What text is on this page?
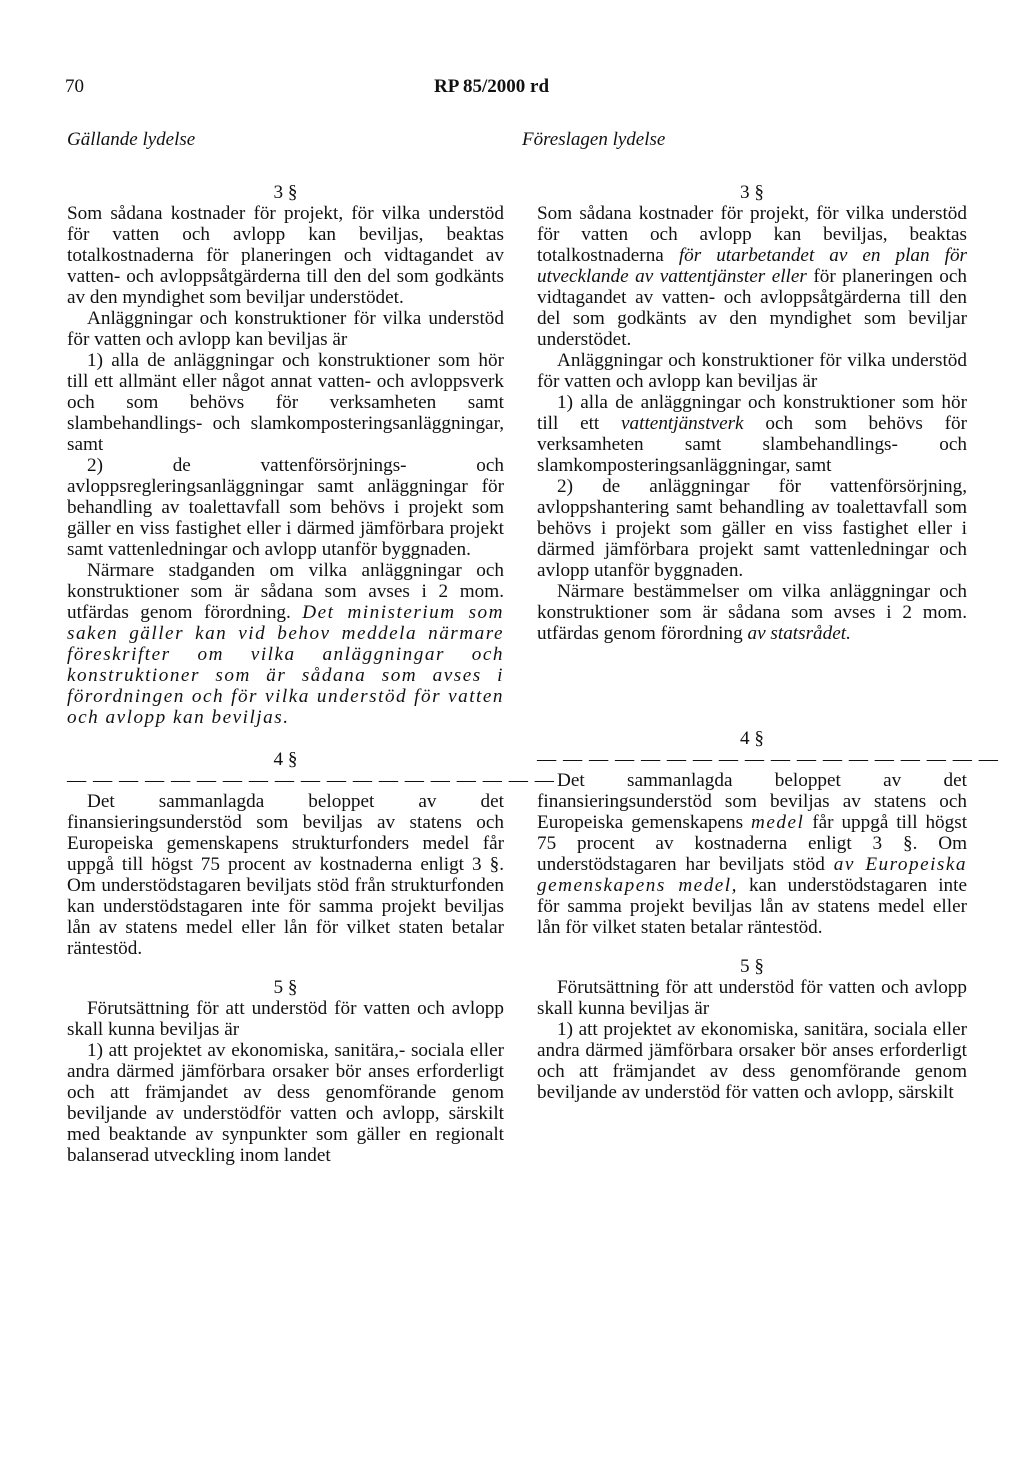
70	RP 85/2000 rd
Gällande lydelse	Föreslagen lydelse
3 §

Som sådana kostnader för projekt, för vilka understöd för vatten och avlopp kan beviljas, beaktas totalkostnaderna för planeringen och vidtagandet av vatten- och avloppsåtgärderna till den del som godkänts av den myndighet som beviljar understödet.

Anläggningar och konstruktioner för vilka understöd för vatten och avlopp kan beviljas är

1) alla de anläggningar och konstruktioner som hör till ett allmänt eller något annat vatten- och avloppsverk och som behövs för verksamheten samt slambehandlings- och slamkomposteringsanläggningar, samt

2) de vattenförsörjnings- och avloppsregleringsanläggningar samt anläggningar för behandling av toalettavfall som behövs i projekt som gäller en viss fastighet eller i därmed jämförbara projekt samt vattenledningar och avlopp utanför byggnaden.

Närmare stadganden om vilka anläggningar och konstruktioner som är sådana som avses i 2 mom. utfärdas genom förordning. Det ministerium som saken gäller kan vid behov meddela närmare föreskrifter om vilka anläggningar och konstruktioner som är sådana som avses i förordningen och för vilka understöd för vatten och avlopp kan beviljas.

4 §
— — — — — — — — — — — — — — — — — — —

Det sammanlagda beloppet av det finansieringsunderstöd som beviljas av statens och Europeiska gemenskapens strukturfonders medel får uppgå till högst 75 procent av kostnaderna enligt 3 §. Om understödstagaren beviljats stöd från strukturfonden kan understödstagaren inte för samma projekt beviljas lån av statens medel eller lån för vilket staten betalar räntestöd.

5 §

Förutsättning för att understöd för vatten och avlopp skall kunna beviljas är

1) att projektet av ekonomiska, sanitära,- sociala eller andra därmed jämförbara orsaker bör anses erforderligt och att främjandet av dess genomförande genom beviljande av understödför vatten och avlopp, särskilt med beaktande av synpunkter som gäller en regionalt balanserad utveckling inom landet

3 §

Som sådana kostnader för projekt, för vilka understöd för vatten och avlopp kan beviljas, beaktas totalkostnaderna för utarbetandet av en plan för utvecklande av vattentjänster eller för planeringen och vidtagandet av vatten- och avloppsåtgärderna till den del som godkänts av den myndighet som beviljar understödet.

Anläggningar och konstruktioner för vilka understöd för vatten och avlopp kan beviljas är

1) alla de anläggningar och konstruktioner som hör till ett vattentjänstverk och som behövs för verksamheten samt slambehandlings- och slamkomposteringsanläggningar, samt

2) de anläggningar för vattenförsörjning, avloppshantering samt behandling av toalettavfall som behövs i projekt som gäller en viss fastighet eller i därmed jämförbara projekt samt vattenledningar och avlopp utanför byggnaden.

Närmare bestämmelser om vilka anläggningar och konstruktioner som är sådana som avses i 2 mom. utfärdas genom förordning av statsrådet.

4 §
— — — — — — — — — — — — — — — — — —

Det sammanlagda beloppet av det finansieringsunderstöd som beviljas av statens och Europeiska gemenskapens medel får uppgå till högst 75 procent av kostnaderna enligt 3 §. Om understödstagaren har beviljats stöd av Europeiska gemenskapens medel, kan understödstagaren inte för samma projekt beviljas lån av statens medel eller lån för vilket staten betalar räntestöd.

5 §

Förutsättning för att understöd för vatten och avlopp skall kunna beviljas är

1) att projektet av ekonomiska, sanitära, sociala eller andra därmed jämförbara orsaker bör anses erforderligt och att främjandet av dess genomförande genom beviljande av understöd för vatten och avlopp, särskilt
